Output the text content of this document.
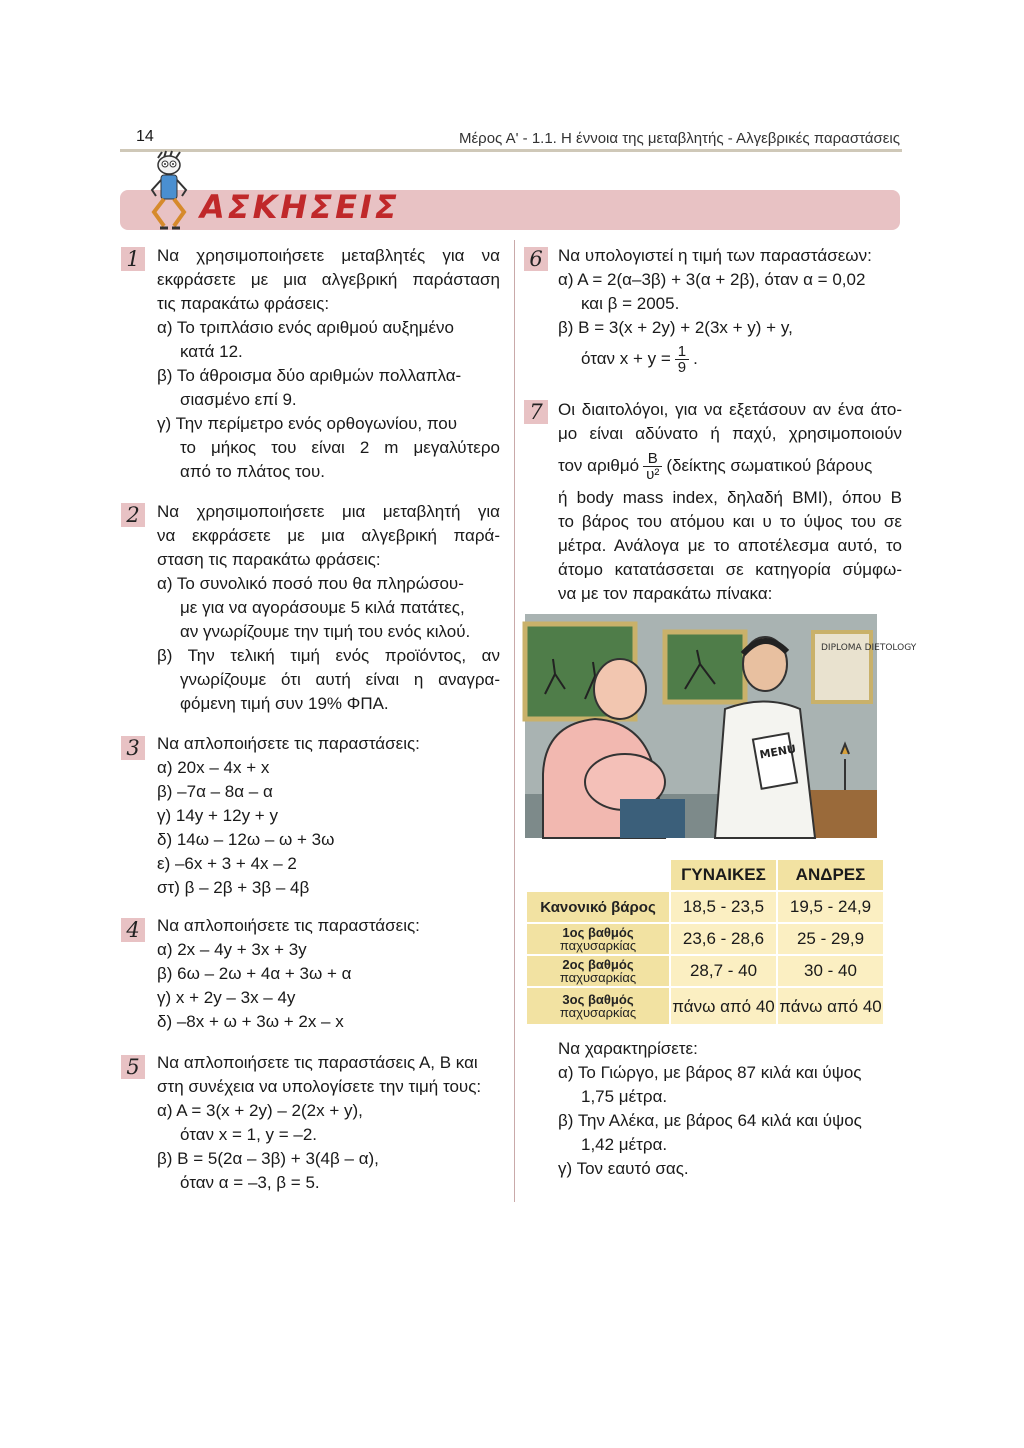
14	Μέρος Α' - 1.1. Η έννοια της μεταβλητής - Αλγεβρικές παραστάσεις
ΑΣΚΗΣΕΙΣ
1	Να χρησιμοποιήσετε μεταβλητές για να
εκφράσετε με μια αλγεβρική παράσταση
τις παρακάτω φράσεις:
α) Το τριπλάσιο ενός αριθμού αυξημένο
κατά 12.
β) Το άθροισμα δύο αριθμών πολλαπλα-
σιασμένο επί 9.
γ) Την περίμετρο ενός ορθογωνίου, που
το μήκος του είναι 2 m μεγαλύτερο
από το πλάτος του.
2	Να χρησιμοποιήσετε μια μεταβλητή για
να εκφράσετε με μια αλγεβρική παρά-
σταση τις παρακάτω φράσεις:
α) Το συνολικό ποσό που θα πληρώσου-
με για να αγοράσουμε 5 κιλά πατάτες,
αν γνωρίζουμε την τιμή του ενός κιλού.
β) Την τελική τιμή ενός προϊόντος, αν
γνωρίζουμε ότι αυτή είναι η αναγρα-
φόμενη τιμή συν 19% ΦΠΑ.
3	Να απλοποιήσετε τις παραστάσεις:
α) 20x – 4x + x
β) –7α – 8α – α
γ) 14y + 12y + y
δ) 14ω – 12ω – ω + 3ω
ε) –6x + 3 + 4x – 2
στ) β – 2β + 3β – 4β
4	Να απλοποιήσετε τις παραστάσεις:
α) 2x – 4y + 3x + 3y
β) 6ω – 2ω + 4α + 3ω + α
γ) x + 2y – 3x – 4y
δ) –8x + ω + 3ω + 2x – x
5	Να απλοποιήσετε τις παραστάσεις Α, Β και
στη συνέχεια να υπολογίσετε την τιμή τους:
α) Α = 3(x + 2y) – 2(2x + y),
όταν x = 1, y = –2.
β) Β = 5(2α – 3β) + 3(4β – α),
όταν α = –3, β = 5.
6 Να υπολογιστεί η τιμή των παραστάσεων:
α) Α = 2(α–3β) + 3(α + 2β), όταν α = 0,02
και β = 2005.
β) Β = 3(x + 2y) + 2(3x + y) + y,
όταν $x + y = \frac{1}{9}$ .
7 Οι διαιτολόγοι, για να εξετάσουν αν ένα άτο-
μο είναι αδύνατο ή παχύ, χρησιμοποιούν
τον αριθμό $\frac{B}{\text{υ²}} (\delta\varepsilon ί\kappa\tau\eta\varsigma$ σωματικού βάρους
ή body mass index, δηλαδή ΒΜΙ), όπου Β
το βάρος του ατόμου και υ το ύψος του σε
μέτρα. Ανάλογα με το αποτέλεσμα αυτό, το
άτομο κατατάσσεται σε κατηγορία σύμφω-
να με τον παρακάτω πίνακα:
DIPLOMA DIETOLOGY
MENU
	ΓΥΝΑΙΚΕΣ	ΑΝΔΡΕΣ
Κανονικό βάρος	18,5 - 23,5	19,5 - 24,9

1ος βαθμός
παχυσαρκίας	23,6 - 28,6	25 - 29,9

2ος βαθμός
παχυσαρκίας	28,7 - 40	30 - 40

3ος βαθμός
παχυσαρκίας	πάνω από 40	πάνω από 40
Να χαρακτηρίσετε:
α) Το Γιώργο, με βάρος 87 κιλά και ύψος
1,75 μέτρα.
β) Την Αλέκα, με βάρος 64 κιλά και ύψος
1,42 μέτρα.
γ) Τον εαυτό σας.
